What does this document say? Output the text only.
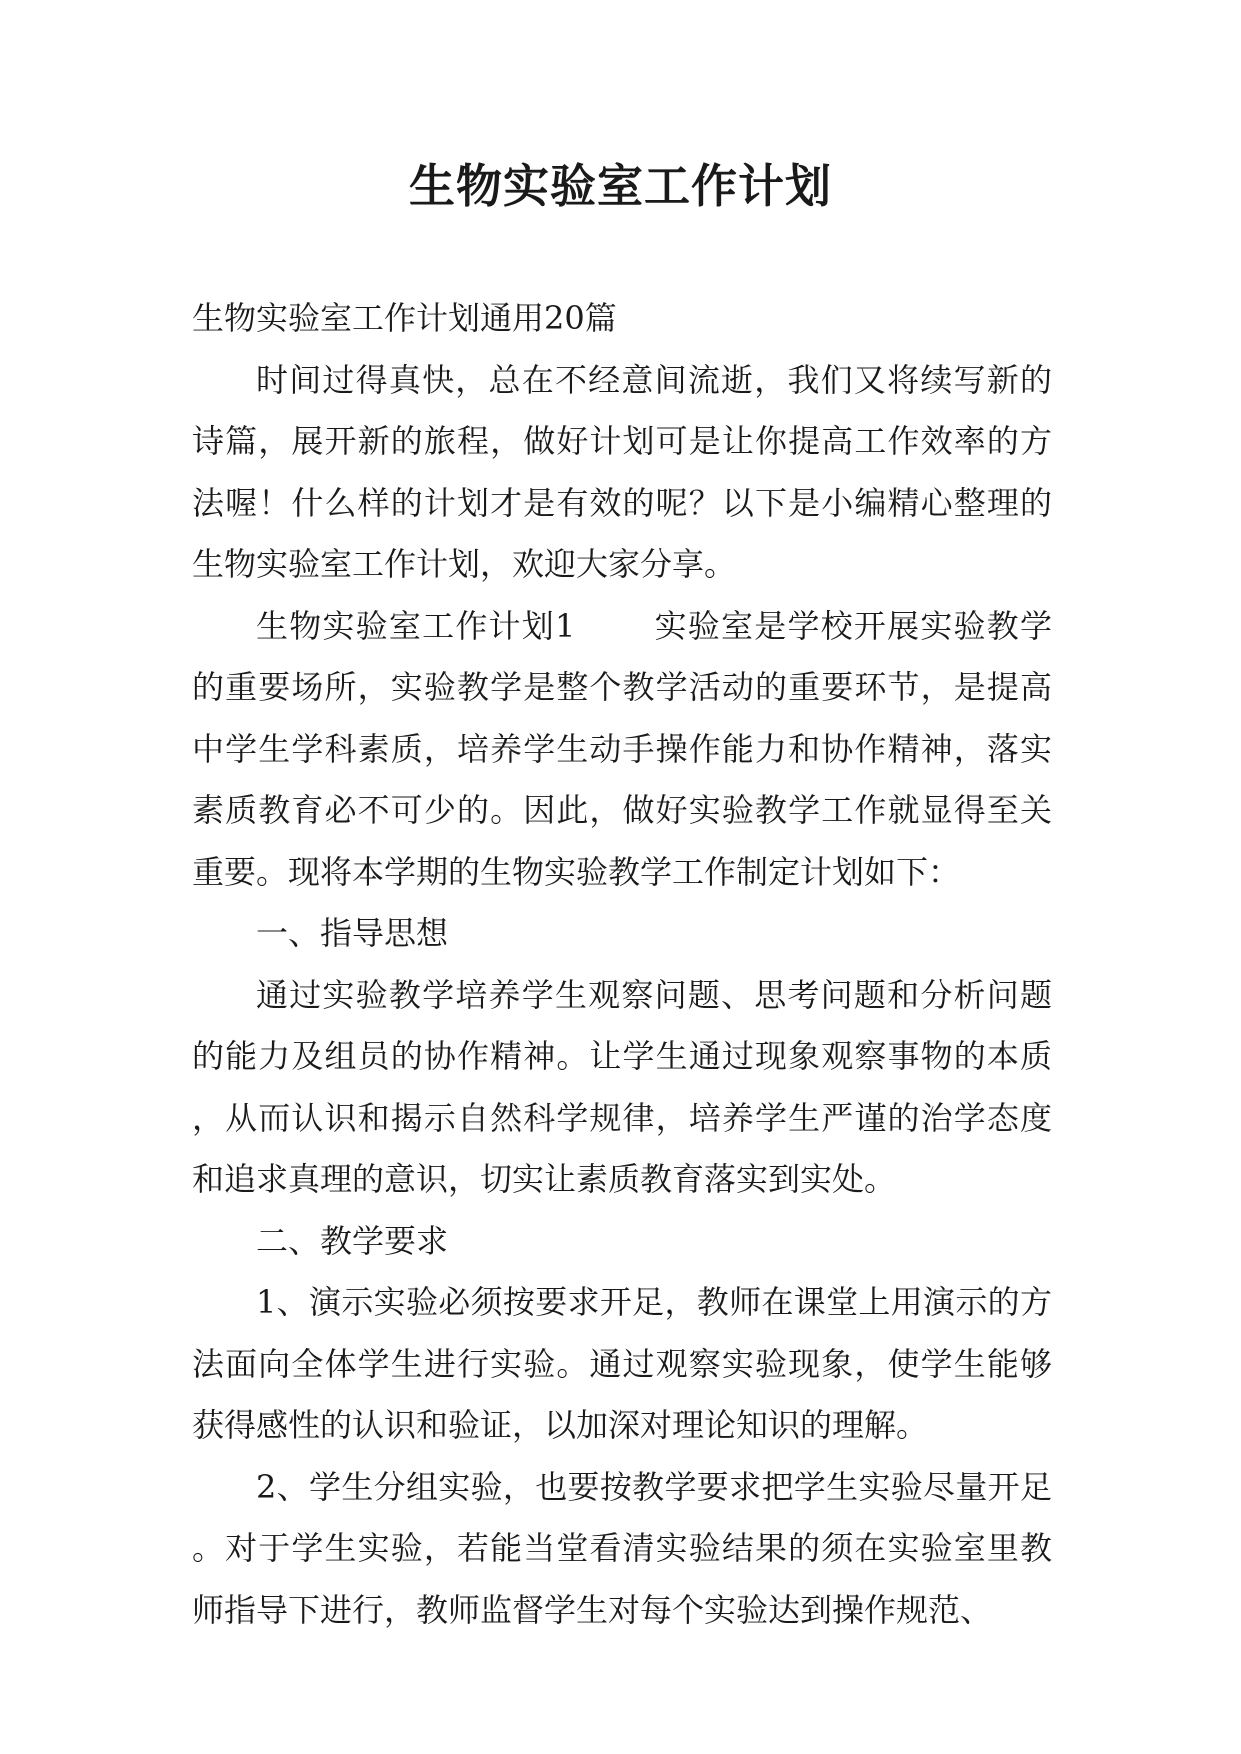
生物实验室工作计划

生物实验室工作计划通用20篇

时间过得真快，总在不经意间流逝，我们又将续写新的诗篇，展开新的旅程，做好计划可是让你提高工作效率的方法喔！什么样的计划才是有效的呢？以下是小编精心整理的生物实验室工作计划，欢迎大家分享。

生物实验室工作计划1 实验室是学校开展实验教学的重要场所，实验教学是整个教学活动的重要环节，是提高中学生学科素质，培养学生动手操作能力和协作精神，落实素质教育必不可少的。因此，做好实验教学工作就显得至关重要。现将本学期的生物实验教学工作制定计划如下：

一、指导思想

通过实验教学培养学生观察问题、思考问题和分析问题的能力及组员的协作精神。让学生通过现象观察事物的本质，从而认识和揭示自然科学规律，培养学生严谨的治学态度和追求真理的意识，切实让素质教育落实到实处。

二、教学要求

1、演示实验必须按要求开足，教师在课堂上用演示的方法面向全体学生进行实验。通过观察实验现象，使学生能够获得感性的认识和验证，以加深对理论知识的理解。

2、学生分组实验，也要按教学要求把学生实验尽量开足。对于学生实验，若能当堂看清实验结果的须在实验室里教师指导下进行，教师监督学生对每个实验达到操作规范、
